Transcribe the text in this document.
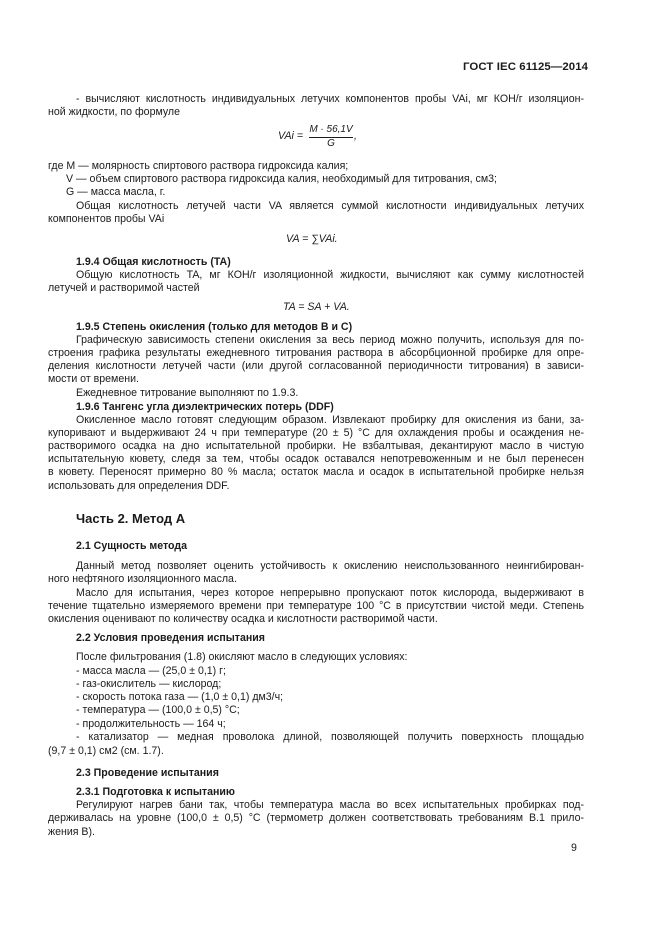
ГОСТ IEC 61125—2014
- вычисляют кислотность индивидуальных летучих компонентов пробы VAi, мг КОН/г изоляцион-
ной жидкости, по формуле
VAi = $\frac{M \cdot 56,1V}{G}$ ,
где M — молярность спиртового раствора гидроксида калия;
V — объем спиртового раствора гидроксида калия, необходимый для титрования, см3;
G — масса масла, г.
Общая кислотность летучей части VA является суммой кислотности индивидуальных летучих
компонентов пробы VAi
VA = ∑VAi.
1.9.4 Общая кислотность (TA)
Общую кислотность TA, мг КОН/г изоляционной жидкости, вычисляют как сумму кислотностей
летучей и растворимой частей
TA = SA + VA.
1.9.5 Степень окисления (только для методов В и С)
Графическую зависимость степени окисления за весь период можно получить, используя для по-
строения графика результаты ежедневного титрования раствора в абсорбционной пробирке для опре-
деления кислотности летучей части (или другой согласованной периодичности титрования) в зависи-
мости от времени.
Ежедневное титрование выполняют по 1.9.3.
1.9.6 Тангенс угла диэлектрических потерь (DDF)
Окисленное масло готовят следующим образом. Извлекают пробирку для окисления из бани, за-
купоривают и выдерживают 24 ч при температуре (20 ± 5) °С для охлаждения пробы и осаждения не-
растворимого осадка на дно испытательной пробирки. Не взбалтывая, декантируют масло в чистую
испытательную кювету, следя за тем, чтобы осадок оставался непотревоженным и не был перенесен
в кювету. Переносят примерно 80 % масла; остаток масла и осадок в испытательной пробирке нельзя
использовать для определения DDF.
Часть 2. Метод А
2.1 Сущность метода
Данный метод позволяет оценить устойчивость к окислению неиспользованного неингибирован-
ного нефтяного изоляционного масла.
Масло для испытания, через которое непрерывно пропускают поток кислорода, выдерживают в
течение тщательно измеряемого времени при температуре 100 °С в присутствии чистой меди. Степень
окисления оценивают по количеству осадка и кислотности растворимой части.
2.2 Условия проведения испытания
После фильтрования (1.8) окисляют масло в следующих условиях:
- масса масла — (25,0 ± 0,1) г;
- газ-окислитель — кислород;
- скорость потока газа — (1,0 ± 0,1) дм3/ч;
- температура — (100,0 ± 0,5) °С;
- продолжительность — 164 ч;
- катализатор — медная проволока длиной, позволяющей получить поверхность площадью
(9,7 ± 0,1) см2 (см. 1.7).
2.3 Проведение испытания
2.3.1 Подготовка к испытанию
Регулируют нагрев бани так, чтобы температура масла во всех испытательных пробирках под-
держивалась на уровне (100,0 ± 0,5) °С (термометр должен соответствовать требованиям В.1 прило-
жения В).
9
